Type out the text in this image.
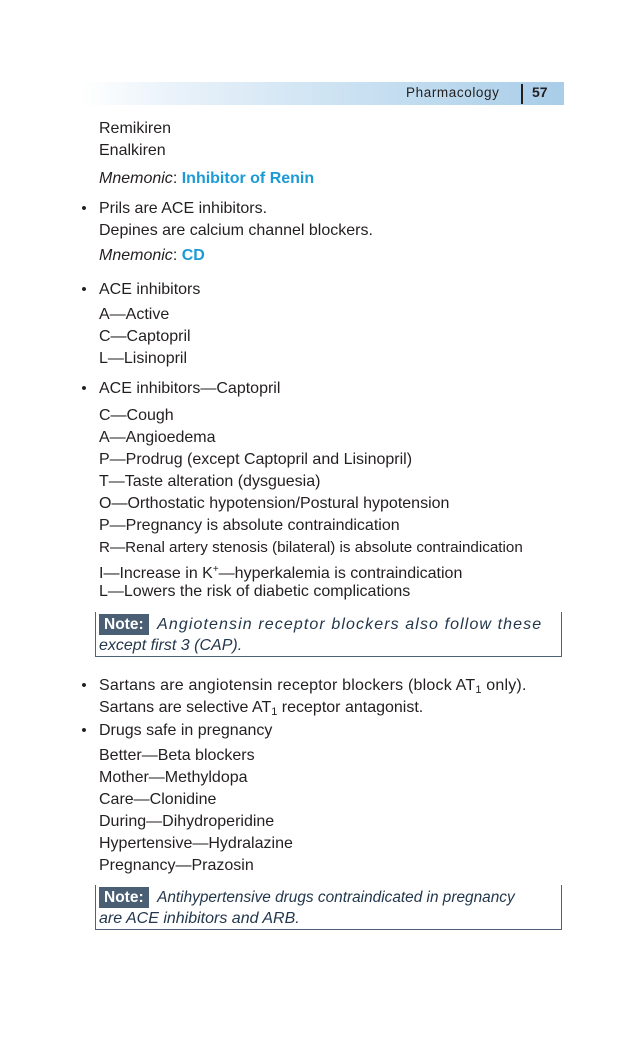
Pharmacology 57
Remikiren
Enalkiren
Mnemonic: Inhibitor of Renin
• Prils are ACE inhibitors.
Depines are calcium channel blockers.
Mnemonic: CD
• ACE inhibitors
A—Active
C—Captopril
L—Lisinopril
• ACE inhibitors—Captopril
C—Cough
A—Angioedema
P—Prodrug (except Captopril and Lisinopril)
T—Taste alteration (dysguesia)
O—Orthostatic hypotension/Postural hypotension
P—Pregnancy is absolute contraindication
R—Renal artery stenosis (bilateral) is absolute contraindication
I—Increase in K+—hyperkalemia is contraindication
L—Lowers the risk of diabetic complications
Note: Angiotensin receptor blockers also follow these
except first 3 (CAP).
• Sartans are angiotensin receptor blockers (block $AT_1$ only).
Sartans are selective $AT_1$ receptor antagonist.
• Drugs safe in pregnancy
Better—Beta blockers
Mother—Methyldopa
Care—Clonidine
During—Dihydroperidine
Hypertensive—Hydralazine
Pregnancy—Prazosin
Note: Antihypertensive drugs contraindicated in pregnancy
are ACE inhibitors and ARB.
